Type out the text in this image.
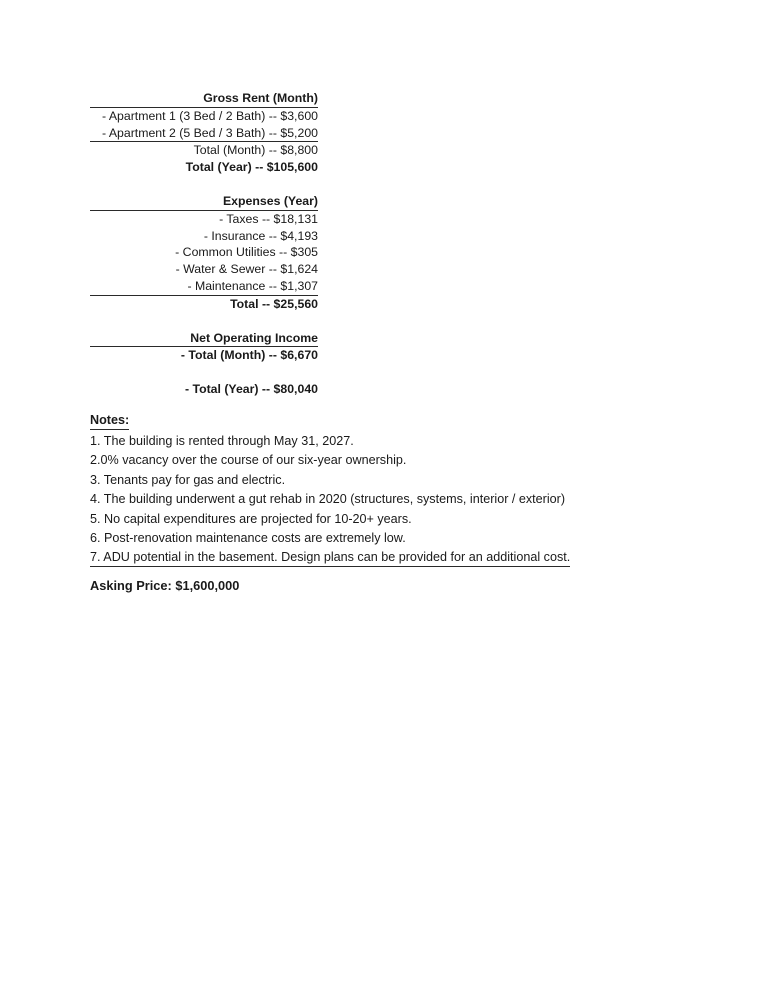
Gross Rent (Month)
- Apartment 1 (3 Bed / 2 Bath) -- $3,600
- Apartment 2 (5 Bed / 3 Bath) -- $5,200
Total (Month) -- $8,800
Total (Year) -- $105,600
Expenses (Year)
- Taxes -- $18,131
- Insurance -- $4,193
- Common Utilities -- $305
- Water & Sewer -- $1,624
- Maintenance -- $1,307
Total -- $25,560
Net Operating Income
- Total (Month) -- $6,670

- Total (Year) -- $80,040
Notes:
1. The building is rented through May 31, 2027.
2.0% vacancy over the course of our six-year ownership.
3. Tenants pay for gas and electric.
4. The building underwent a gut rehab in 2020 (structures, systems, interior / exterior)
5. No capital expenditures are projected for 10-20+ years.
6. Post-renovation maintenance costs are extremely low.
7. ADU potential in the basement. Design plans can be provided for an additional cost.
Asking Price: $1,600,000
